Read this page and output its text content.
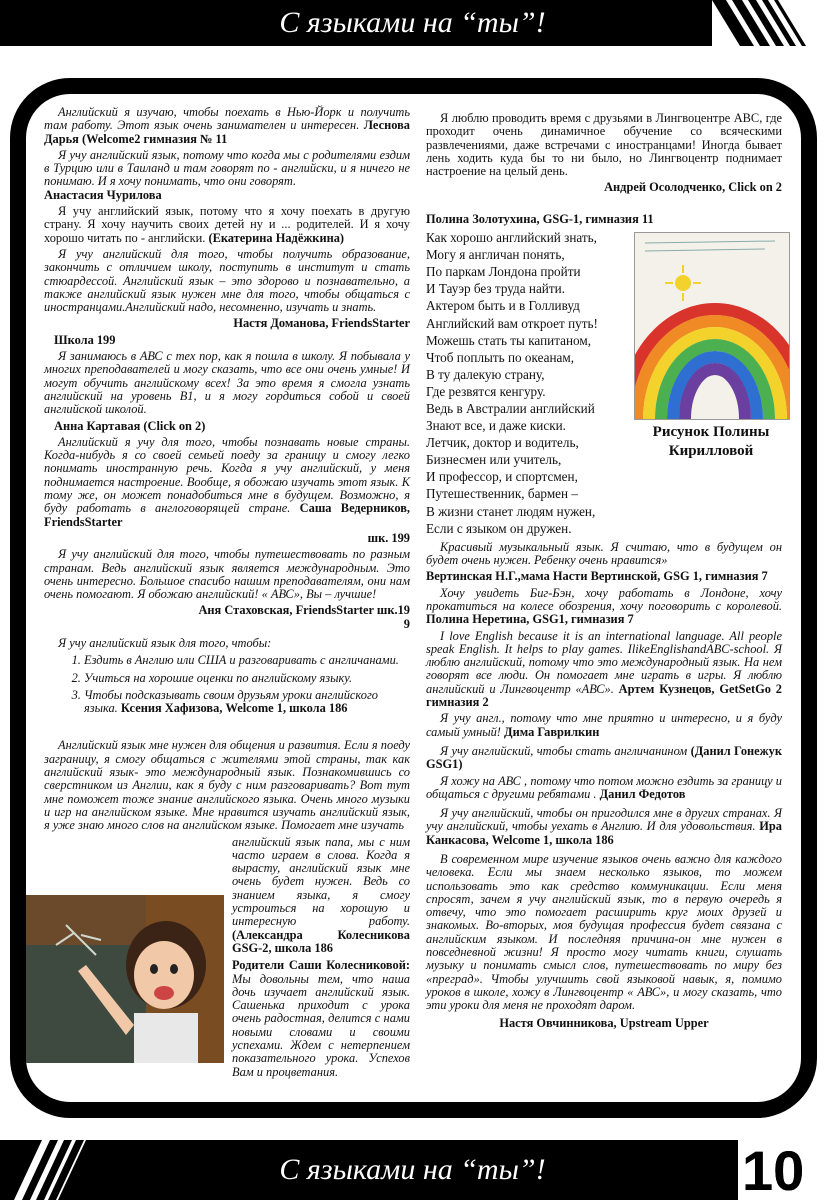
С языками на “ты”!

Английский я изучаю, чтобы поехать в Нью-Йорк и получить там работу. Этот язык очень занимателен и интересен. Леснова Дарья (Welcome2 гимназия № 11

Я учу английский язык, потому что когда мы с родителями ездим в Турцию или в Таиланд и там говорят по - английски, и я ничего не понимаю. И я хочу понимать, что они говорят.
Анастасия Чурилова

Я учу английский язык, потому что я хочу поехать в другую страну. Я хочу научить своих детей ну и ... родителей. И я хочу хорошо читать по - английски. (Екатерина Надёжкина)

Я учу английский для того, чтобы получить образование, закончить с отличием школу, поступить в институт и стать стюардессой. Английский язык – это здорово и познавательно, а также английский язык нужен мне для того, чтобы общаться с иностранцами.Английский надо, несомненно, изучать и знать.

Настя Доманова, FriendsStarter

Школа 199

Я занимаюсь в АВС с тех пор, как я пошла в школу. Я побывала у многих преподавателей и могу сказать, что все они очень умные! И могут обучить английскому всех! За это время я смогла узнать английский на уровень B1, и я могу гордиться собой и своей английской школой.

Анна Картавая (Click on 2)

Английский я учу для того, чтобы познавать новые страны. Когда-нибудь я со своей семьей поеду за границу и смогу легко понимать иностранную речь. Когда я учу английский, у меня поднимается настроение. Вообще, я обожаю изучать этот язык. К тому же, он может понадобиться мне в будущем. Возможно, я буду работать в англоговорящей стране. Саша Ведерников, FriendsStarter

шк. 199

Я учу английский для того, чтобы путешествовать по разным странам. Ведь английский язык является международным. Это очень интересно. Большое спасибо нашим преподавателям, они нам очень помогают. Я обожаю английский! « АВС», Вы – лучшие!

Аня Стаховская, FriendsStarter шк.19
9

Я учу английский язык для того, чтобы:

1. Ездить в Англию или США и разговаривать с англичанами.
2. Учиться на хорошие оценки по английскому языку.
3. Чтобы подсказывать своим друзьям уроки английского языка. Ксения Хафизова, Welcome 1, школа 186

Английский язык мне нужен для общения и развития. Если я поеду заграницу, я смогу общаться с жителями этой страны, так как английский язык- это международный язык. Познакомившись со сверстником из Англии, как я буду с ним разговаривать? Вот тут мне поможет тоже знание английского языка. Очень много музыки и игр на английском языке. Мне нравится изучать английский язык, я уже знаю много слов на английском языке. Помогает мне изучать

английский язык папа, мы с ним часто играем в слова. Когда я вырасту, английский язык мне очень будет нужен. Ведь со знанием языка, я смогу устроиться на хорошую и интересную работу. (Александра Колесникова GSG-2, школа 186

Родители Саши Колесниковой: Мы довольны тем, что наша дочь изучает английский язык. Сашенька приходит с урока очень радостная, делится с нами новыми словами и своими успехами. Ждем с нетерпением показательного урока. Успехов Вам и процветания.

Я люблю проводить время с друзьями в Лингвоцентре АВС, где проходит очень динамичное обучение со всяческими развлечениями, даже встречами с иностранцами! Иногда бывает лень ходить куда бы то ни было, но Лингвоцентр поднимает настроение на целый день.

Андрей Осолодченко, Click on 2

Полина Золотухина, GSG-1, гимназия 11

Как хорошо английский знать,
Могу я англичан понять,
По паркам Лондона пройти
И Тауэр без труда найти.
Актером быть и в Голливуд
Английский вам откроет путь!
Можешь стать ты капитаном,
Чтоб поплыть по океанам,
В ту далекую страну,
Где резвятся кенгуру.
Ведь в Австралии английский
Знают все, и даже киски.
Летчик, доктор и водитель,
Бизнесмен или учитель,
И профессор, и спортсмен,
Путешественник, бармен –
В жизни станет людям нужен,
Если с языком он дружен.

Красивый музыкальный язык. Я считаю, что в будущем он будет очень нужен. Ребенку очень нравится»

Вертинская Н.Г.,мама Насти Вертинской, GSG 1, гимназия 7

Хочу увидеть Биг-Бэн, хочу работать в Лондоне, хочу прокатиться на колесе обозрения, хочу поговорить с королевой. Полина Неретина, GSG1, гимназия 7

I love English because it is an international language. All people speak English. It helps to play games. IlikeEnglishandABC-school. Я люблю английский, потому что это международный язык. На нем говорят все люди. Он помогает мне играть в игры. Я люблю английский и Лингвоцентр «АВС». Артем Кузнецов, GetSetGo 2 гимназия 2

Я учу англ., потому что мне приятно и интересно, и я буду самый умный! Дима Гаврилкин

Я учу английский, чтобы стать англичанином (Данил Гонежук GSG1)

Я хожу на АВС , потому что потом можно ездить за границу и общаться с другими ребятами . Данил Федотов

Я учу английский, чтобы он пригодился мне в других странах. Я учу английский, чтобы уехать в Англию. И для удовольствия. Ира Канкасова, Welcome 1, школа 186

В современном мире изучение языков очень важно для каждого человека. Если мы знаем несколько языков, то можем использовать это как средство коммуникации. Если меня спросят, зачем я учу английский язык, то в первую очередь я отвечу, что это помогает расширить круг моих друзей и знакомых. Во-вторых, моя будущая профессия будет связана с английским языком. И последняя причина-он мне нужен в повседневной жизни! Я просто могу читать книги, слушать музыку и понимать смысл слов, путешествовать по миру без «преград». Чтобы улучшить свой языковой навык, я, помимо уроков в школе, хожу в Лингвоцентр « АВС», и могу сказать, что эти уроки для меня не проходят даром.

Настя Овчинникова, Upstream Upper

Рисунок Полины Кирилловой
С языками на “ты”!	10
